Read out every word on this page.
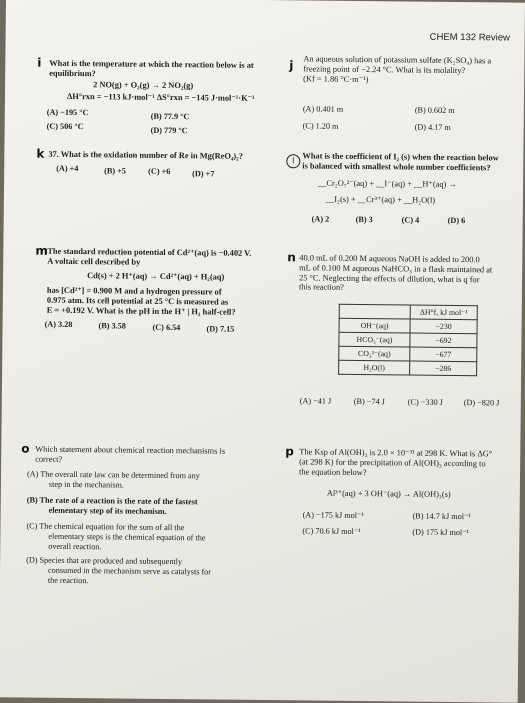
CHEM 132 Review
i What is the temperature at which the reaction below is at
equilibrium?
2 NO(g) + O₂(g) → 2 NO₂(g)
ΔH°rxn = −113 kJ·mol⁻¹ ΔS°rxn = −145 J·mol⁻¹·K⁻¹
(A) −195 °C	(B) 77.9 °C
(C) 506 °C	(D) 779 °C
j An aqueous solution of potassium sulfate (K₂SO₄) has a
freezing point of −2.24 °C. What is its molality?
(Kf = 1.86 °C·m⁻¹)
(A) 0.401 m	(B) 0.602 m
(C) 1.20 m	(D) 4.17 m
k 37. What is the oxidation number of Re in Mg(ReO₄)₂?
(A) +4	(B) +5	(C) +6	(D) +7
l What is the coefficient of I₂ (s) when the reaction below
is balanced with smallest whole number coefficients?
__Cr₂O₇²⁻(aq) + __I⁻(aq) + __H⁺(aq) →
__I₂(s) + __Cr³⁺(aq) + __H₂O(l)
(A) 2	(B) 3	(C) 4	(D) 6
m The standard reduction potential of Cd²⁺(aq) is −0.402 V.
A voltaic cell described by
Cd(s) + 2 H⁺(aq) → Cd²⁺(aq) + H₂(aq)
has [Cd²⁺] = 0.900 M and a hydrogen pressure of
0.975 atm. Its cell potential at 25 °C is measured as
E = +0.192 V. What is the pH in the H⁺ | H₂ half-cell?
(A) 3.28	(B) 3.58	(C) 6.54	(D) 7.15
n 40.0 mL of 0.200 M aqueous NaOH is added to 200.0
mL of 0.100 M aqueous NaHCO₃ in a flask maintained at
25 °C. Neglecting the effects of dilution, what is q for
this reaction?
	ΔH°f, kJ mol⁻¹
OH⁻(aq)	−230
HCO₃⁻(aq)	−692
CO₃²⁻(aq)	−677
H₂O(l)	−286
(A) −41 J	(B) −74 J	(C) −330 J	(D) −820 J
o Which statement about chemical reaction mechanisms is
correct?
(A) The overall rate law can be determined from any
step in the mechanism.
(B) The rate of a reaction is the rate of the fastest
elementary step of its mechanism.
(C) The chemical equation for the sum of all the
elementary steps is the chemical equation of the
overall reaction.
(D) Species that are produced and subsequently
consumed in the mechanism serve as catalysts for
the reaction.
p The Ksp of Al(OH)₃ is 2.0 × 10⁻³¹ at 298 K. What is ΔG°
(at 298 K) for the precipitation of Al(OH)₃ according to
the equation below?
Al³⁺(aq) + 3 OH⁻(aq) → Al(OH)₃(s)
(A) −175 kJ mol⁻¹	(B) 14.7 kJ mol⁻¹
(C) 70.6 kJ mol⁻¹	(D) 175 kJ mol⁻¹
